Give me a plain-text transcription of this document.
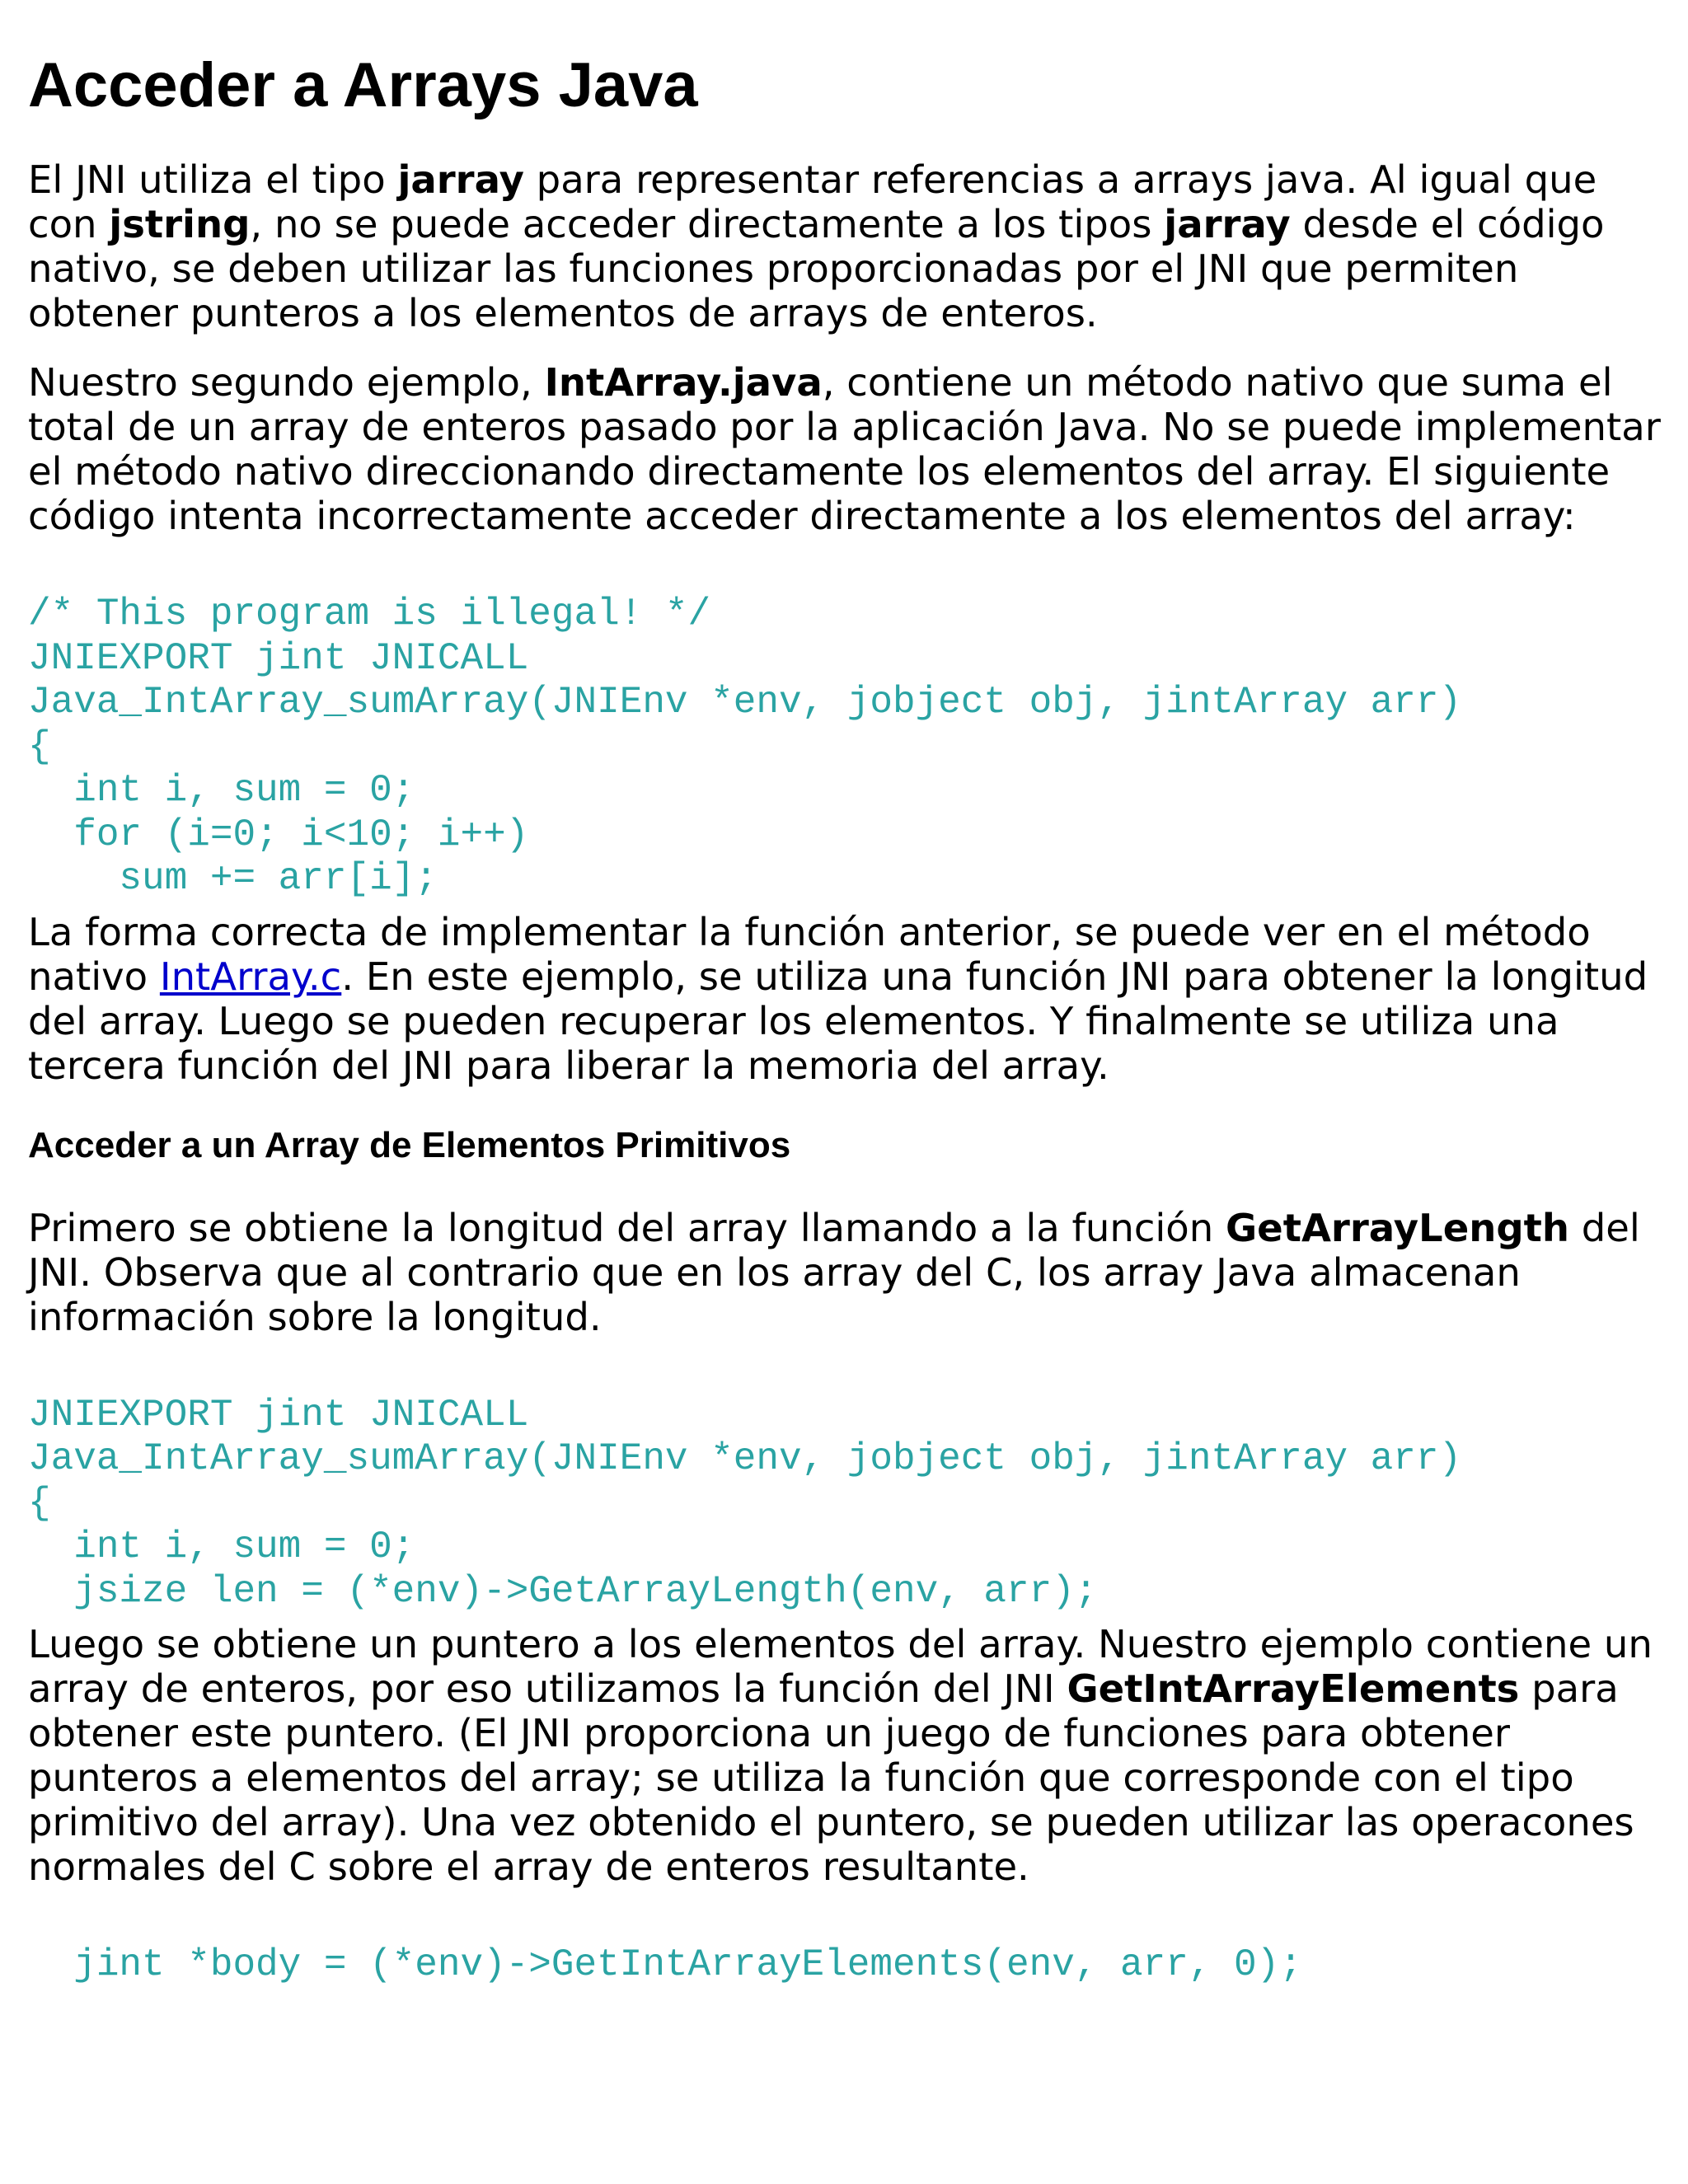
Acceder a Arrays Java

El JNI utiliza el tipo jarray para representar referencias a arrays java. Al igual que con jstring, no se puede acceder directamente a los tipos jarray desde el código nativo, se deben utilizar las funciones proporcionadas por el JNI que permiten obtener punteros a los elementos de arrays de enteros.

Nuestro segundo ejemplo, IntArray.java, contiene un método nativo que suma el total de un array de enteros pasado por la aplicación Java. No se puede implementar el método nativo direccionando directamente los elementos del array. El siguiente código intenta incorrectamente acceder directamente a los elementos del array:

/* This program is illegal! */
JNIEXPORT jint JNICALL
Java_IntArray_sumArray(JNIEnv *env, jobject obj, jintArray arr)
{
int i, sum = 0;
for (i=0; i<10; i++)
sum += arr[i];

La forma correcta de implementar la función anterior, se puede ver en el método nativo IntArray.c. En este ejemplo, se utiliza una función JNI para obtener la longitud del array. Luego se pueden recuperar los elementos. Y finalmente se utiliza una tercera función del JNI para liberar la memoria del array.

Acceder a un Array de Elementos Primitivos

Primero se obtiene la longitud del array llamando a la función GetArrayLength del JNI. Observa que al contrario que en los array del C, los array Java almacenan información sobre la longitud.

JNIEXPORT jint JNICALL
Java_IntArray_sumArray(JNIEnv *env, jobject obj, jintArray arr)
{
int i, sum = 0;
jsize len = (*env)->GetArrayLength(env, arr);

Luego se obtiene un puntero a los elementos del array. Nuestro ejemplo contiene un array de enteros, por eso utilizamos la función del JNI GetIntArrayElements para obtener este puntero. (El JNI proporciona un juego de funciones para obtener punteros a elementos del array; se utiliza la función que corresponde con el tipo primitivo del array). Una vez obtenido el puntero, se pueden utilizar las operacones normales del C sobre el array de enteros resultante.

jint *body = (*env)->GetIntArrayElements(env, arr, 0);
